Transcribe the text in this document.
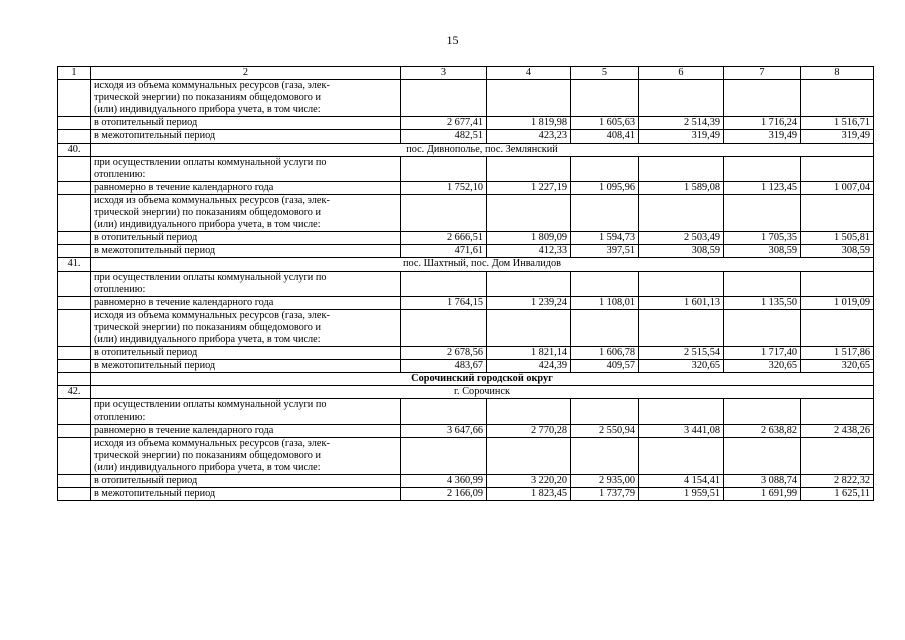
15
1	2	3	4	5	6	7	8

	исходя из объема коммунальных ресурсов (газа, элек-
трической энергии) по показаниям общедомового и
(или) индивидуального прибора учета, в том числе:						

	в отопительный период	2 677,41	1 819,98	1 605,63	2 514,39	1 716,24	1 516,71
	в межотопительный период	482,51	423,23	408,41	319,49	319,49	319,49
40.	пос. Дивнополье, пос. Землянский						

	при осуществлении оплаты коммунальной услуги по
отоплению:						

	равномерно в течение календарного года	1 752,10	1 227,19	1 095,96	1 589,08	1 123,45	1 007,04

	исходя из объема коммунальных ресурсов (газа, элек-
трической энергии) по показаниям общедомового и
(или) индивидуального прибора учета, в том числе:						

	в отопительный период	2 666,51	1 809,09	1 594,73	2 503,49	1 705,35	1 505,81
	в межотопительный период	471,61	412,33	397,51	308,59	308,59	308,59
41.	пос. Шахтный, пос. Дом Инвалидов						

	при осуществлении оплаты коммунальной услуги по
отоплению:						

	равномерно в течение календарного года	1 764,15	1 239,24	1 108,01	1 601,13	1 135,50	1 019,09

	исходя из объема коммунальных ресурсов (газа, элек-
трической энергии) по показаниям общедомового и
(или) индивидуального прибора учета, в том числе:						

	в отопительный период	2 678,56	1 821,14	1 606,78	2 515,54	1 717,40	1 517,86
	в межотопительный период	483,67	424,39	409,57	320,65	320,65	320,65
	Сорочинский городской округ						
42.	г. Сорочинск						

	при осуществлении оплаты коммунальной услуги по
отоплению:						

	равномерно в течение календарного года	3 647,66	2 770,28	2 550,94	3 441,08	2 638,82	2 438,26

	исходя из объема коммунальных ресурсов (газа, элек-
трической энергии) по показаниям общедомового и
(или) индивидуального прибора учета, в том числе:						

	в отопительный период	4 360,99	3 220,20	2 935,00	4 154,41	3 088,74	2 822,32
	в межотопительный период	2 166,09	1 823,45	1 737,79	1 959,51	1 691,99	1 625,11
